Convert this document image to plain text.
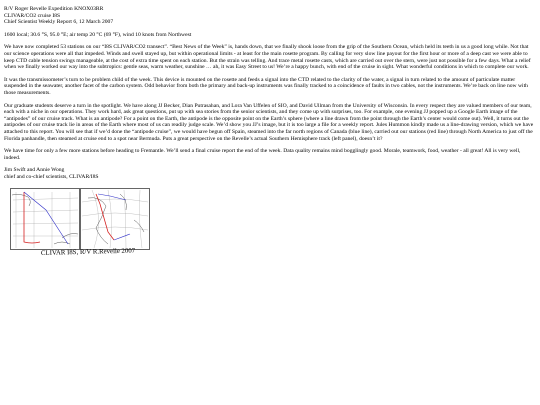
R/V Roger Revelle Expedition KNOX03RR
CLIVAR/CO2 cruise I8S
Chief Scientist Weekly Report 6, 12 March 2007

1600 local; 30.6 °S, 95.0 °E; air temp 20 °C (69 °F), wind 10 knots from Northwest

We have now completed 53 stations on our “I8S CLIVAR/CO2 transect”. “Best News of the Week” is, hands down, that we finally shook loose from the grip of the Southern Ocean, which held its teeth in us a good long while. Not that our science operations were all that impeded. Winds and swell stayed up, but within operational limits - at least for the main rosette program. By calling for very slow line payout for the first hour or more of a deep cast we were able to keep CTD cable tension swings manageable, at the cost of extra time spent on each station. But the strain was telling. And trace metal rosette casts, which are carried out over the stern, were just not possible for a few days. What a relief when we finally worked our way into the subtropics: gentle seas, warm weather, sunshine … ah, it was Easy Street to us! We’re a happy bunch, with end of the cruise in sight. What wonderful conditions in which to complete our work.

It was the transmissometer’s turn to be problem child of the week. This device is mounted on the rosette and feeds a signal into the CTD related to the clarity of the water, a signal in turn related to the amount of particulate matter suspended in the seawater, another facet of the carbon system. Odd behavior from both the primary and back-up instruments was finally tracked to a coincidence of faults in two cables, not the instruments. We’re back on line now with those measurements.

Our graduate students deserve a turn in the spotlight. We have along JJ Becker, Dian Putrasahan, and Lora Van Uffelen of SIO, and David Ullman from the University of Wisconsin. In every respect they are valued members of our team, each with a niche in our operations. They work hard, ask great questions, put up with sea stories from the senior scientists, and they come up with surprises, too. For example, one evening JJ popped up a Google Earth image of the “antipodes” of our cruise track. What is an antipode? For a point on the Earth, the antipode is the opposite point on the Earth’s sphere (where a line drawn from the point through the Earth’s center would come out). Well, it turns out the antipodes of our cruise track lie in areas of the Earth where most of us can readily judge scale. We’d show you JJ’s image, but it is too large a file for a weekly report. Jules Hummon kindly made us a line-drawing version, which we have attached to this report. You will see that if we’d done the “antipode cruise”, we would have begun off Spain, steamed into the far north regions of Canada (blue line), carried out our stations (red line) through North America to just off the Florida panhandle, then steamed at cruise end to a spot near Bermuda. Puts a great perspective on the Revelle’s actual Southern Hemisphere track (left panel), doesn’t it?

We have time for only a few more stations before heading to Fremantle. We’ll send a final cruise report the end of the week. Data quality remains mind bogglingly good. Morale, teamwork, food, weather - all great! All is very well, indeed.

Jim Swift and Annie Wong
chief and co-chief scientists, CLIVAR/I8S

CLIVAR I8S, R/V R.Revelle 2007
